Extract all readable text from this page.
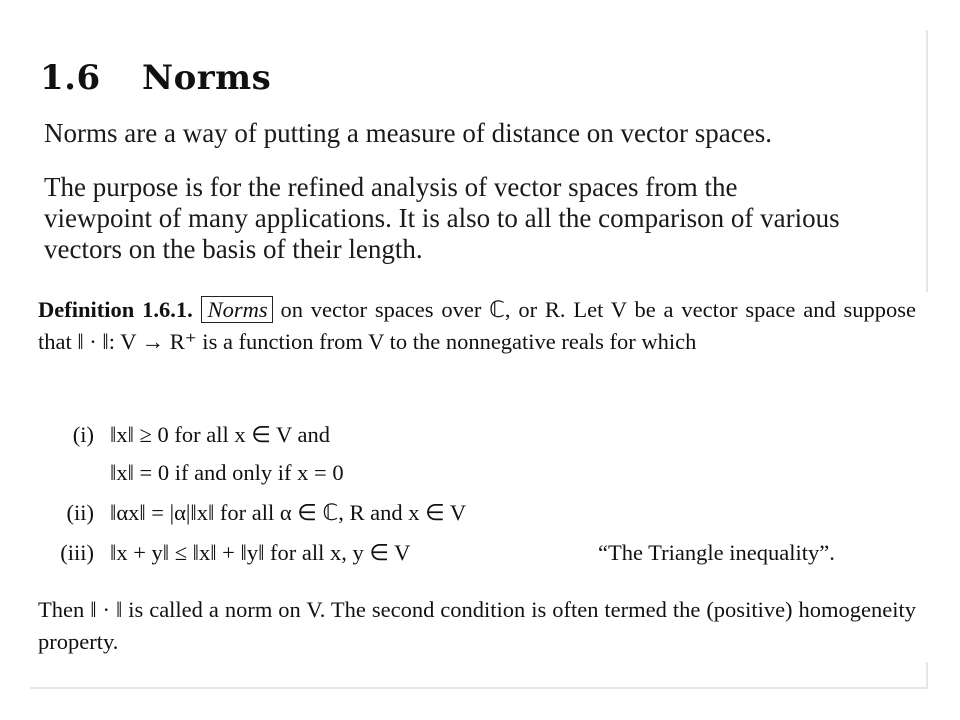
1.6 Norms
Norms are a way of putting a measure of distance on vector spaces.
The purpose is for the refined analysis of vector spaces from the viewpoint of many applications. It is also to all the comparison of various vectors on the basis of their length.
Definition 1.6.1. Norms on vector spaces over ℂ, or R. Let V be a vector space and suppose that ‖ · ‖: V → R⁺ is a function from V to the nonnegative reals for which
(i) ‖x‖ ≥ 0 for all x ∈ V and
‖x‖ = 0 if and only if x = 0
(ii) ‖αx‖ = |α|‖x‖ for all α ∈ ℂ, R and x ∈ V
(iii) ‖x + y‖ ≤ ‖x‖ + ‖y‖ for all x, y ∈ V	“The Triangle inequality”.
Then ‖ · ‖ is called a norm on V. The second condition is often termed the (positive) homogeneity property.
